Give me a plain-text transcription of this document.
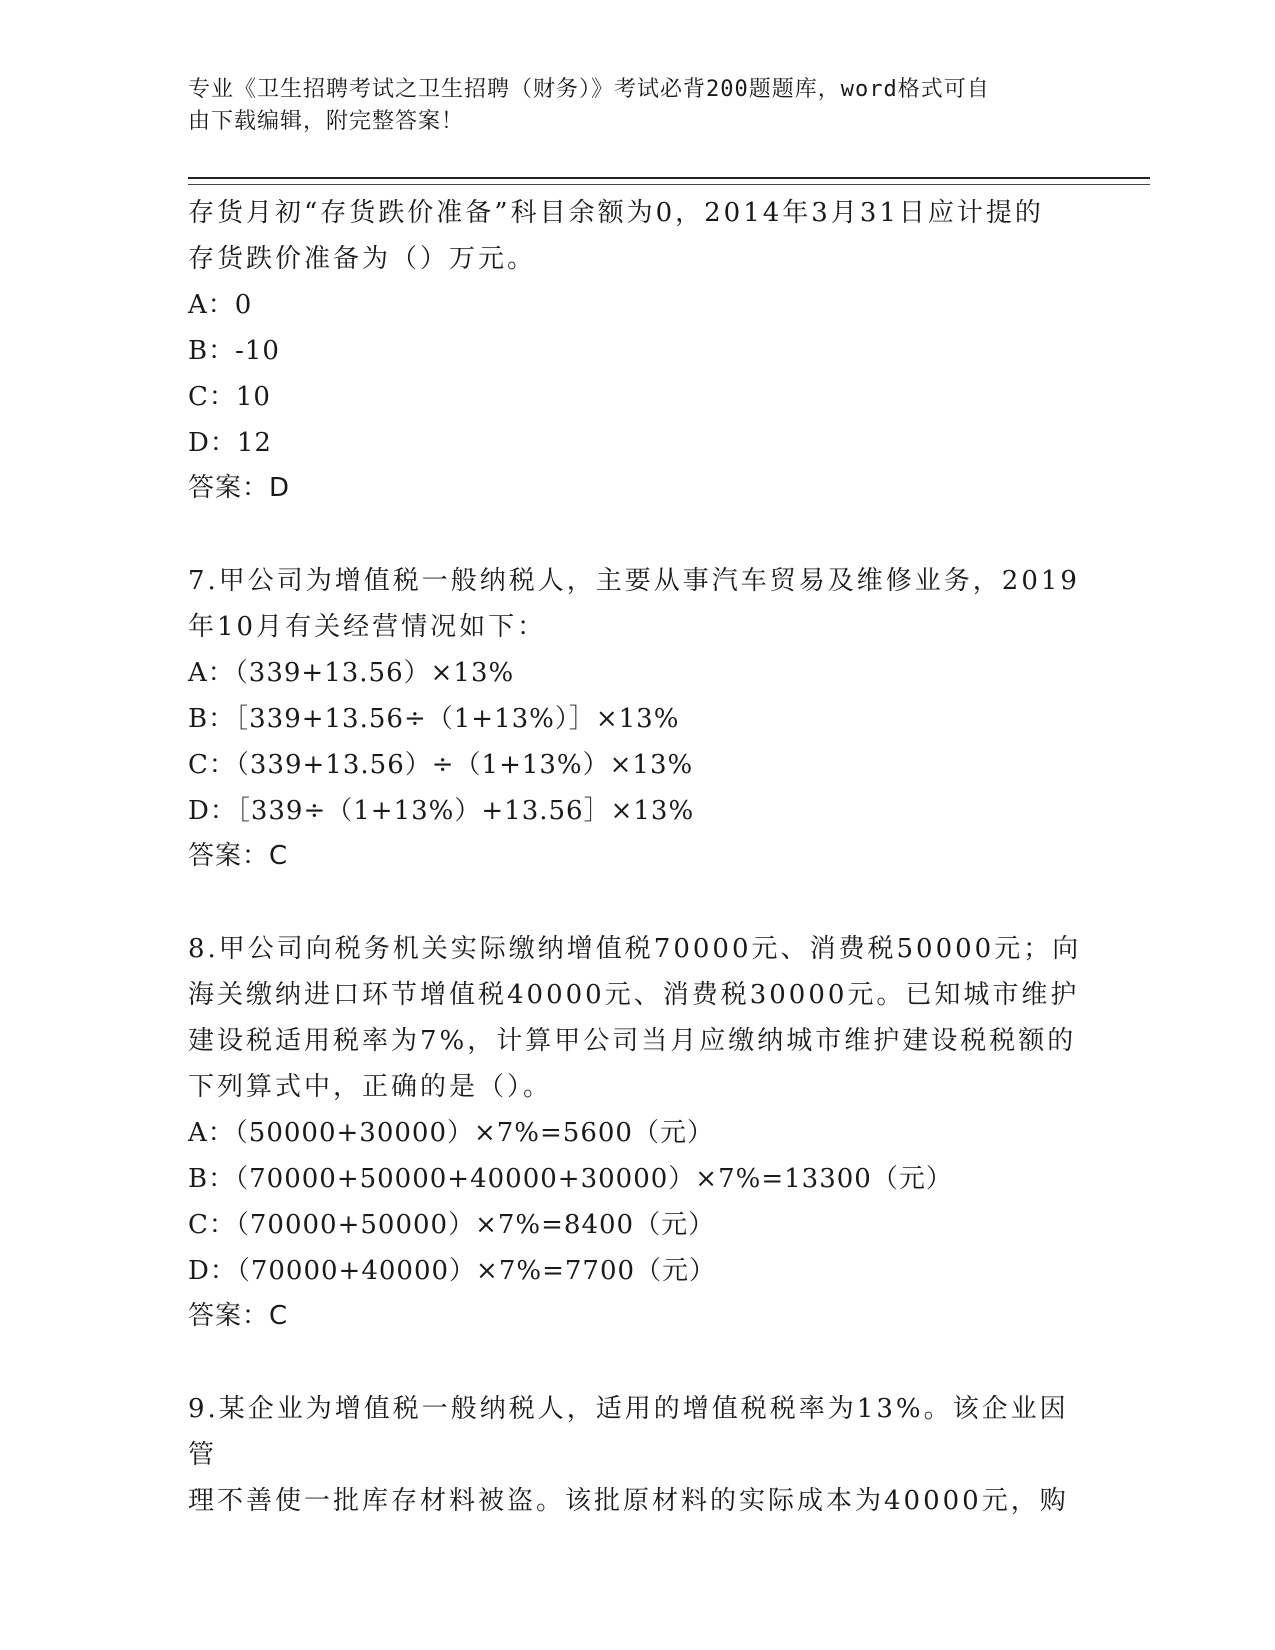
专业《卫生招聘考试之卫生招聘（财务）》考试必背200题题库，word格式可自
由下载编辑，附完整答案！

存货月初“存货跌价准备”科目余额为0，2014年3月31日应计提的

存货跌价准备为（）万元。

A：0

B：-10

C：10

D：12

答案：D

7.甲公司为增值税一般纳税人，主要从事汽车贸易及维修业务，2019

年10月有关经营情况如下：

A：（339+13.56）×13%

B：［339+13.56÷（1+13%）］×13%

C：（339+13.56）÷（1+13%）×13%

D：［339÷（1+13%）+13.56］×13%

答案：C

8.甲公司向税务机关实际缴纳增值税70000元、消费税50000元；向

海关缴纳进口环节增值税40000元、消费税30000元。已知城市维护

建设税适用税率为7%，计算甲公司当月应缴纳城市维护建设税税额的

下列算式中，正确的是（）。

A：（50000+30000）×7%=5600（元）

B：（70000+50000+40000+30000）×7%=13300（元）

C：（70000+50000）×7%=8400（元）

D：（70000+40000）×7%=7700（元）

答案：C

9.某企业为增值税一般纳税人，适用的增值税税率为13%。该企业因管

理不善使一批库存材料被盗。该批原材料的实际成本为40000元，购
